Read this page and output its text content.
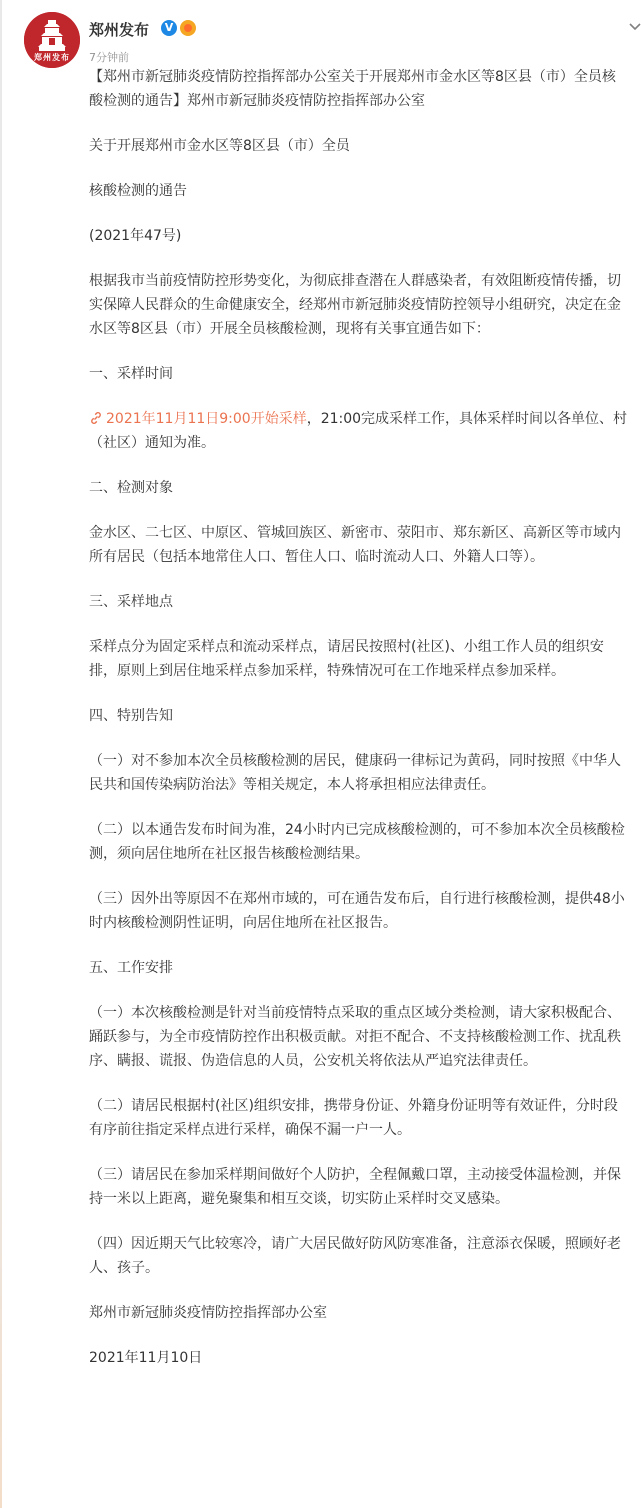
郑州发布
郑州发布	V
7分钟前

【郑州市新冠肺炎疫情防控指挥部办公室关于开展郑州市金水区等8区县（市）全员核酸检测的通告】郑州市新冠肺炎疫情防控指挥部办公室

关于开展郑州市金水区等8区县（市）全员

核酸检测的通告

(2021年47号)

根据我市当前疫情防控形势变化，为彻底排查潜在人群感染者，有效阻断疫情传播，切实保障人民群众的生命健康安全，经郑州市新冠肺炎疫情防控领导小组研究，决定在金水区等8区县（市）开展全员核酸检测，现将有关事宜通告如下：

一、采样时间

2021年11月11日9:00开始采样，21:00完成采样工作，具体采样时间以各单位、村（社区）通知为准。

二、检测对象

金水区、二七区、中原区、管城回族区、新密市、荥阳市、郑东新区、高新区等市域内所有居民（包括本地常住人口、暂住人口、临时流动人口、外籍人口等）。

三、采样地点

采样点分为固定采样点和流动采样点，请居民按照村(社区)、小组工作人员的组织安排，原则上到居住地采样点参加采样，特殊情况可在工作地采样点参加采样。

四、特别告知

（一）对不参加本次全员核酸检测的居民，健康码一律标记为黄码，同时按照《中华人民共和国传染病防治法》等相关规定，本人将承担相应法律责任。

（二）以本通告发布时间为准，24小时内已完成核酸检测的，可不参加本次全员核酸检测，须向居住地所在社区报告核酸检测结果。

（三）因外出等原因不在郑州市域的，可在通告发布后，自行进行核酸检测，提供48小时内核酸检测阴性证明，向居住地所在社区报告。

五、工作安排

（一）本次核酸检测是针对当前疫情特点采取的重点区域分类检测，请大家积极配合、踊跃参与，为全市疫情防控作出积极贡献。对拒不配合、不支持核酸检测工作、扰乱秩序、瞒报、谎报、伪造信息的人员，公安机关将依法从严追究法律责任。

（二）请居民根据村(社区)组织安排，携带身份证、外籍身份证明等有效证件，分时段有序前往指定采样点进行采样，确保不漏一户一人。

（三）请居民在参加采样期间做好个人防护，全程佩戴口罩，主动接受体温检测，并保持一米以上距离，避免聚集和相互交谈，切实防止采样时交叉感染。

（四）因近期天气比较寒冷，请广大居民做好防风防寒准备，注意添衣保暖，照顾好老人、孩子。

郑州市新冠肺炎疫情防控指挥部办公室

2021年11月10日
